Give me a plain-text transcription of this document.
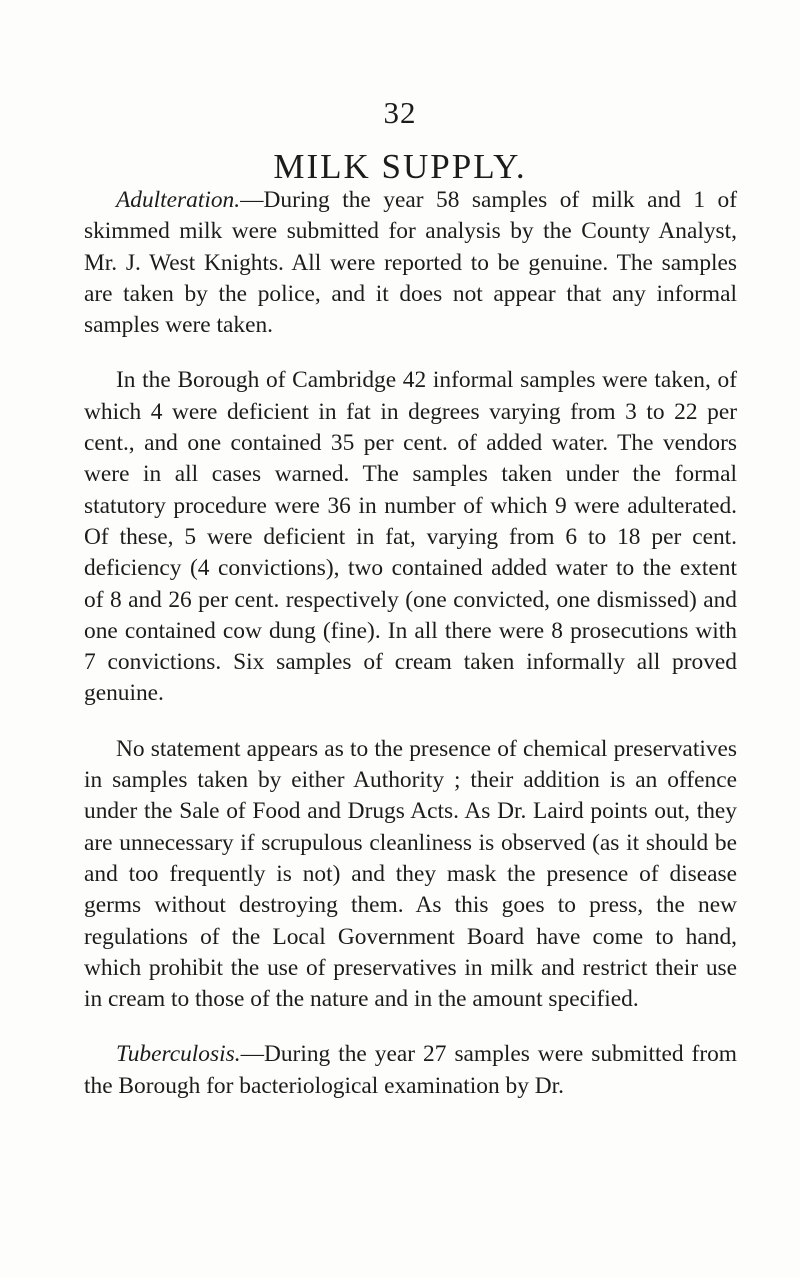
32
MILK SUPPLY.

Adulteration.—During the year 58 samples of milk and 1 of skimmed milk were submitted for analysis by the County Analyst, Mr. J. West Knights. All were reported to be genuine. The samples are taken by the police, and it does not appear that any informal samples were taken.

In the Borough of Cambridge 42 informal samples were taken, of which 4 were deficient in fat in degrees varying from 3 to 22 per cent., and one contained 35 per cent. of added water. The vendors were in all cases warned. The samples taken under the formal statutory procedure were 36 in number of which 9 were adulterated. Of these, 5 were deficient in fat, varying from 6 to 18 per cent. deficiency (4 convictions), two contained added water to the extent of 8 and 26 per cent. respectively (one convicted, one dismissed) and one contained cow dung (fine). In all there were 8 prosecutions with 7 convictions. Six samples of cream taken informally all proved genuine.

No statement appears as to the presence of chemical preservatives in samples taken by either Authority ; their addition is an offence under the Sale of Food and Drugs Acts. As Dr. Laird points out, they are unnecessary if scrupulous cleanliness is observed (as it should be and too frequently is not) and they mask the presence of disease germs without destroying them. As this goes to press, the new regulations of the Local Government Board have come to hand, which prohibit the use of preservatives in milk and restrict their use in cream to those of the nature and in the amount specified.

Tuberculosis.—During the year 27 samples were submitted from the Borough for bacteriological examination by Dr.
